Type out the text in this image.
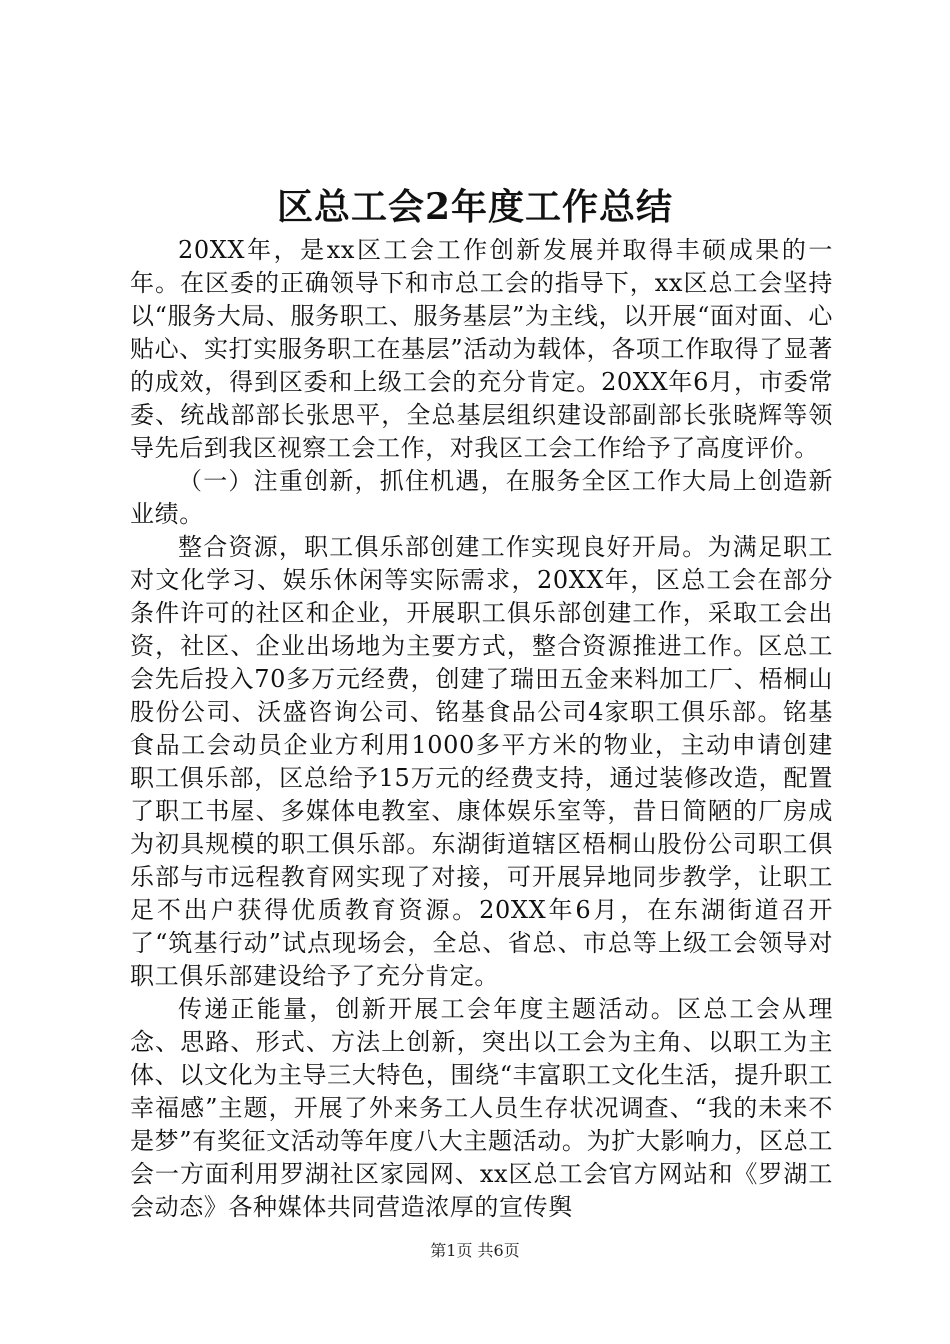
区总工会2年度工作总结

20XX年，是xx区工会工作创新发展并取得丰硕成果的一年。在区委的正确领导下和市总工会的指导下，xx区总工会坚持以“服务大局、服务职工、服务基层”为主线，以开展“面对面、心贴心、实打实服务职工在基层”活动为载体，各项工作取得了显著的成效，得到区委和上级工会的充分肯定。20XX年6月，市委常委、统战部部长张思平，全总基层组织建设部副部长张晓辉等领导先后到我区视察工会工作，对我区工会工作给予了高度评价。

（一）注重创新，抓住机遇，在服务全区工作大局上创造新业绩。

整合资源，职工俱乐部创建工作实现良好开局。为满足职工对文化学习、娱乐休闲等实际需求，20XX年，区总工会在部分条件许可的社区和企业，开展职工俱乐部创建工作，采取工会出资，社区、企业出场地为主要方式，整合资源推进工作。区总工会先后投入70多万元经费，创建了瑞田五金来料加工厂、梧桐山股份公司、沃盛咨询公司、铭基食品公司4家职工俱乐部。铭基食品工会动员企业方利用1000多平方米的物业，主动申请创建职工俱乐部，区总给予15万元的经费支持，通过装修改造，配置了职工书屋、多媒体电教室、康体娱乐室等，昔日简陋的厂房成为初具规模的职工俱乐部。东湖街道辖区梧桐山股份公司职工俱乐部与市远程教育网实现了对接，可开展异地同步教学，让职工足不出户获得优质教育资源。20XX年6月，在东湖街道召开了“筑基行动”试点现场会，全总、省总、市总等上级工会领导对职工俱乐部建设给予了充分肯定。

传递正能量，创新开展工会年度主题活动。区总工会从理念、思路、形式、方法上创新，突出以工会为主角、以职工为主体、以文化为主导三大特色，围绕“丰富职工文化生活，提升职工幸福感”主题，开展了外来务工人员生存状况调查、“我的未来不是梦”有奖征文活动等年度八大主题活动。为扩大影响力，区总工会一方面利用罗湖社区家园网、xx区总工会官方网站和《罗湖工会动态》各种媒体共同营造浓厚的宣传舆

第1页 共6页
